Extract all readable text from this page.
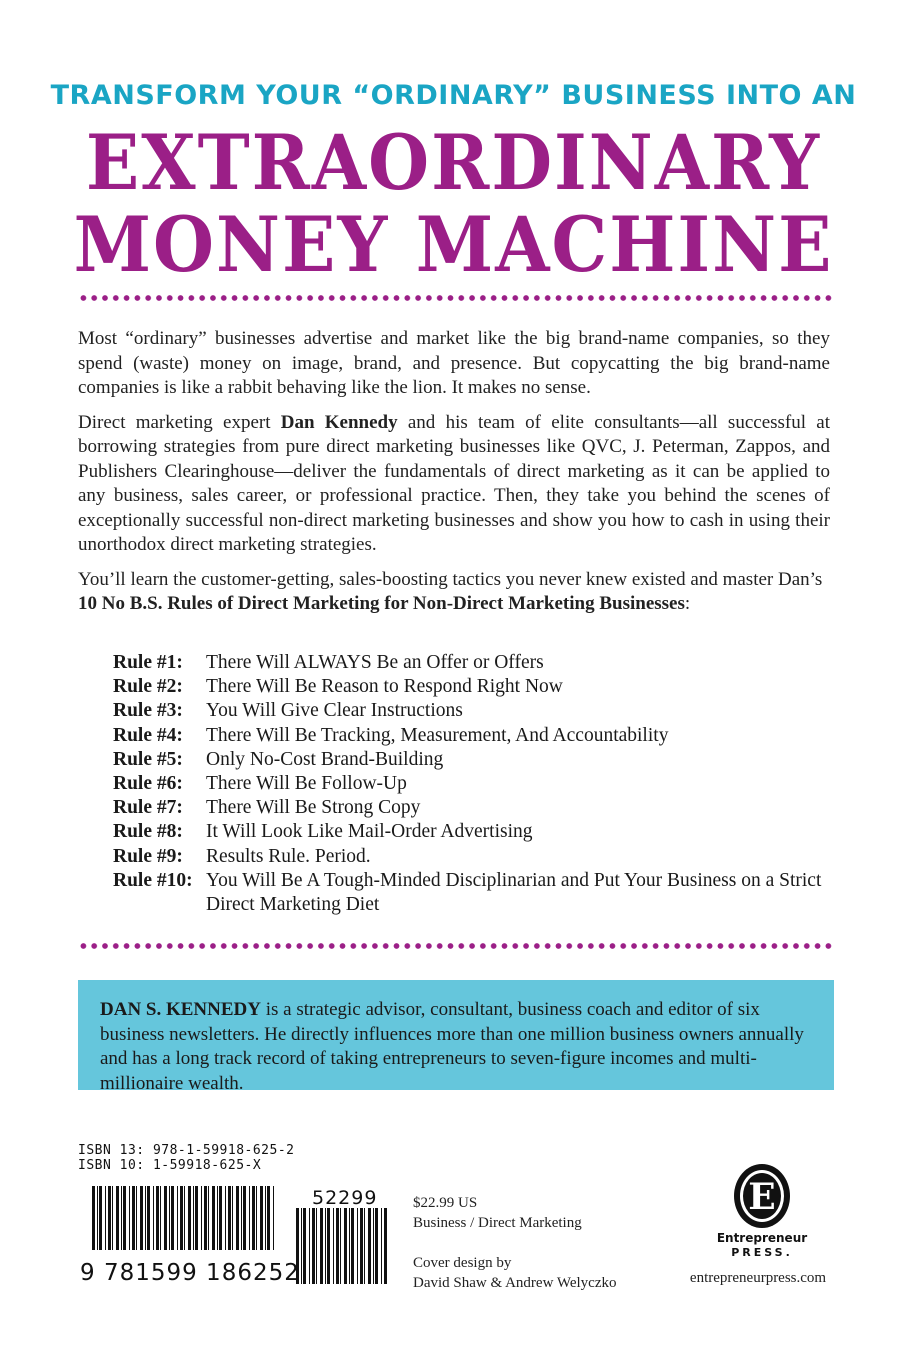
TRANSFORM YOUR “ORDINARY” BUSINESS INTO AN
EXTRAORDINARY
MONEY MACHINE

Most “ordinary” businesses advertise and market like the big brand-name companies, so they spend (waste) money on image, brand, and presence. But copycatting the big brand-name companies is like a rabbit behaving like the lion. It makes no sense.

Direct marketing expert Dan Kennedy and his team of elite consultants—all successful at borrowing strategies from pure direct marketing businesses like QVC, J. Peterman, Zappos, and Publishers Clearinghouse—deliver the fundamentals of direct marketing as it can be applied to any business, sales career, or professional practice. Then, they take you behind the scenes of exceptionally successful non-direct marketing businesses and show you how to cash in using their unorthodox direct marketing strategies.

You’ll learn the customer-getting, sales-boosting tactics you never knew existed and master Dan’s 10 No B.S. Rules of Direct Marketing for Non-Direct Marketing Businesses:

Rule #1:	There Will ALWAYS Be an Offer or Offers
Rule #2:	There Will Be Reason to Respond Right Now
Rule #3:	You Will Give Clear Instructions
Rule #4:	There Will Be Tracking, Measurement, And Accountability
Rule #5:	Only No-Cost Brand-Building
Rule #6:	There Will Be Follow-Up
Rule #7:	There Will Be Strong Copy
Rule #8:	It Will Look Like Mail-Order Advertising
Rule #9:	Results Rule. Period.
Rule #10: You Will Be A Tough-Minded Disciplinarian and Put Your Business on a Strict Direct Marketing Diet

DAN S. KENNEDY is a strategic advisor, consultant, business coach and editor of six business newsletters. He directly influences more than one million business owners annually and has a long track record of taking entrepreneurs to seven-figure incomes and multi-millionaire wealth.

ISBN 13: 978-1-59918-625-2
ISBN 10: 1-59918-625-X
9 781599 186252
52299 $22.99 US
Business / Direct Marketing
Cover design by
David Shaw & Andrew Welyczko
E
Entrepreneur
PRESS.
entrepreneurpress.com
